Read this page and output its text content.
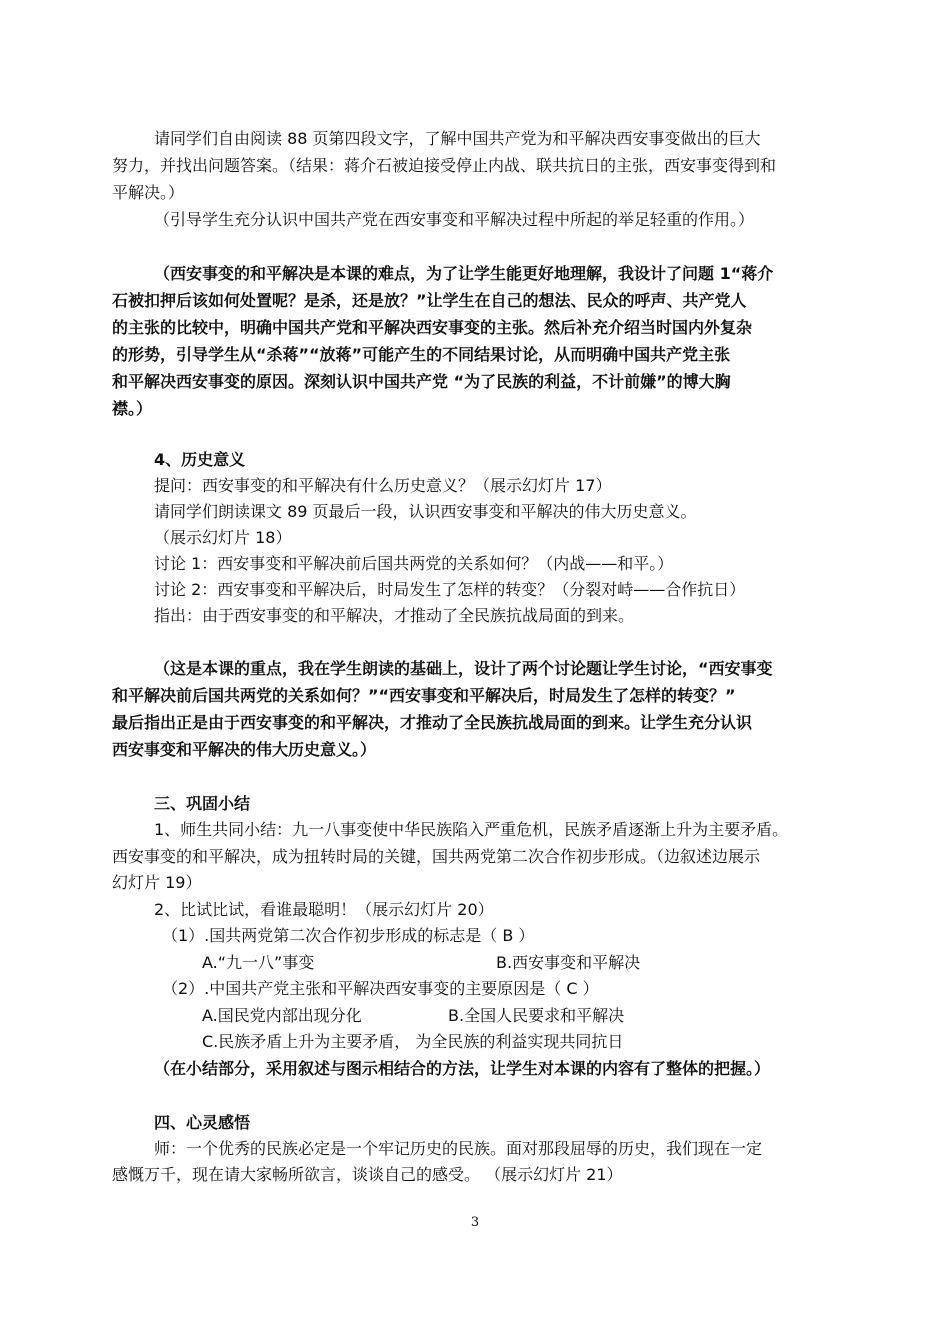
请同学们自由阅读 88 页第四段文字，了解中国共产党为和平解决西安事变做出的巨大
努力，并找出问题答案。（结果：蒋介石被迫接受停止内战、联共抗日的主张，西安事变得到和
平解决。）
（引导学生充分认识中国共产党在西安事变和平解决过程中所起的举足轻重的作用。）
（西安事变的和平解决是本课的难点，为了让学生能更好地理解，我设计了问题 1“蒋介
石被扣押后该如何处置呢？是杀，还是放？”让学生在自己的想法、民众的呼声、共产党人
的主张的比较中，明确中国共产党和平解决西安事变的主张。然后补充介绍当时国内外复杂
的形势，引导学生从“杀蒋”“放蒋”可能产生的不同结果讨论，从而明确中国共产党主张
和平解决西安事变的原因。深刻认识中国共产党 “为了民族的利益，不计前嫌”的博大胸
襟。）
4、历史意义
提问：西安事变的和平解决有什么历史意义？（展示幻灯片 17）
请同学们朗读课文 89 页最后一段，认识西安事变和平解决的伟大历史意义。
（展示幻灯片 18）
讨论 1：西安事变和平解决前后国共两党的关系如何？（内战——和平。）
讨论 2：西安事变和平解决后，时局发生了怎样的转变？（分裂对峙——合作抗日）
指出：由于西安事变的和平解决，才推动了全民族抗战局面的到来。
（这是本课的重点，我在学生朗读的基础上，设计了两个讨论题让学生讨论，“西安事变
和平解决前后国共两党的关系如何？”“西安事变和平解决后，时局发生了怎样的转变？”
最后指出正是由于西安事变的和平解决，才推动了全民族抗战局面的到来。让学生充分认识
西安事变和平解决的伟大历史意义。）
三、巩固小结
1、师生共同小结：九一八事变使中华民族陷入严重危机，民族矛盾逐渐上升为主要矛盾。
西安事变的和平解决，成为扭转时局的关键，国共两党第二次合作初步形成。（边叙述边展示
幻灯片 19）
2、比试比试，看谁最聪明！（展示幻灯片 20）
（1）.国共两党第二次合作初步形成的标志是（ B ）
A.“九一八”事变	B.西安事变和平解决
（2）.中国共产党主张和平解决西安事变的主要原因是（ C ）
A.国民党内部出现分化	B.全国人民要求和平解决
C.民族矛盾上升为主要矛盾， 为全民族的利益实现共同抗日
（在小结部分，采用叙述与图示相结合的方法，让学生对本课的内容有了整体的把握。）
四、心灵感悟
师：一个优秀的民族必定是一个牢记历史的民族。面对那段屈辱的历史，我们现在一定
感慨万千，现在请大家畅所欲言，谈谈自己的感受。 （展示幻灯片 21）
3
